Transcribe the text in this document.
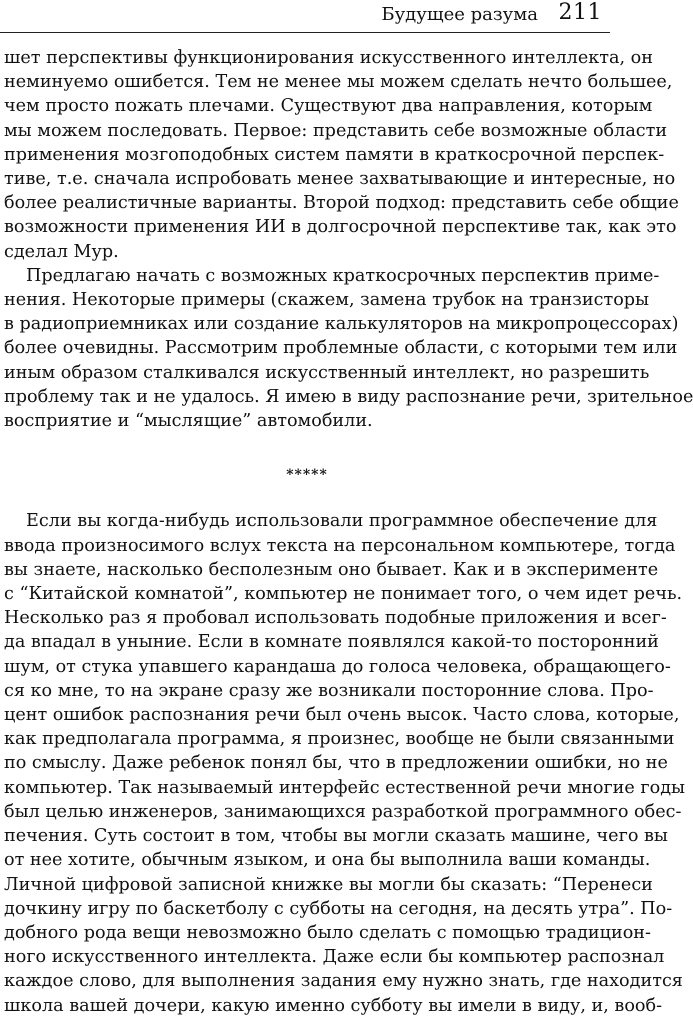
Будущее разума 211
шет перспективы функционирования искусственного интеллекта, он
неминуемо ошибется. Тем не менее мы можем сделать нечто большее,
чем просто пожать плечами. Существуют два направления, которым
мы можем последовать. Первое: представить себе возможные области
применения мозгоподобных систем памяти в краткосрочной перспек-
тиве, т.е. сначала испробовать менее захватывающие и интересные, но
более реалистичные варианты. Второй подход: представить себе общие
возможности применения ИИ в долгосрочной перспективе так, как это
сделал Мур.
Предлагаю начать с возможных краткосрочных перспектив приме-
нения. Некоторые примеры (скажем, замена трубок на транзисторы
в радиоприемниках или создание калькуляторов на микропроцессорах)
более очевидны. Рассмотрим проблемные области, с которыми тем или
иным образом сталкивался искусственный интеллект, но разрешить
проблему так и не удалось. Я имею в виду распознание речи, зрительное
восприятие и “мыслящие” автомобили.
*****
Если вы когда-нибудь использовали программное обеспечение для
ввода произносимого вслух текста на персональном компьютере, тогда
вы знаете, насколько бесполезным оно бывает. Как и в эксперименте
с “Китайской комнатой”, компьютер не понимает того, о чем идет речь.
Несколько раз я пробовал использовать подобные приложения и всег-
да впадал в уныние. Если в комнате появлялся какой-то посторонний
шум, от стука упавшего карандаша до голоса человека, обращающего-
ся ко мне, то на экране сразу же возникали посторонние слова. Про-
цент ошибок распознания речи был очень высок. Часто слова, которые,
как предполагала программа, я произнес, вообще не были связанными
по смыслу. Даже ребенок понял бы, что в предложении ошибки, но не
компьютер. Так называемый интерфейс естественной речи многие годы
был целью инженеров, занимающихся разработкой программного обес-
печения. Суть состоит в том, чтобы вы могли сказать машине, чего вы
от нее хотите, обычным языком, и она бы выполнила ваши команды.
Личной цифровой записной книжке вы могли бы сказать: “Перенеси
дочкину игру по баскетболу с субботы на сегодня, на десять утра”. По-
добного рода вещи невозможно было сделать с помощью традицион-
ного искусственного интеллекта. Даже если бы компьютер распознал
каждое слово, для выполнения задания ему нужно знать, где находится
школа вашей дочери, какую именно субботу вы имели в виду, и, вооб-
